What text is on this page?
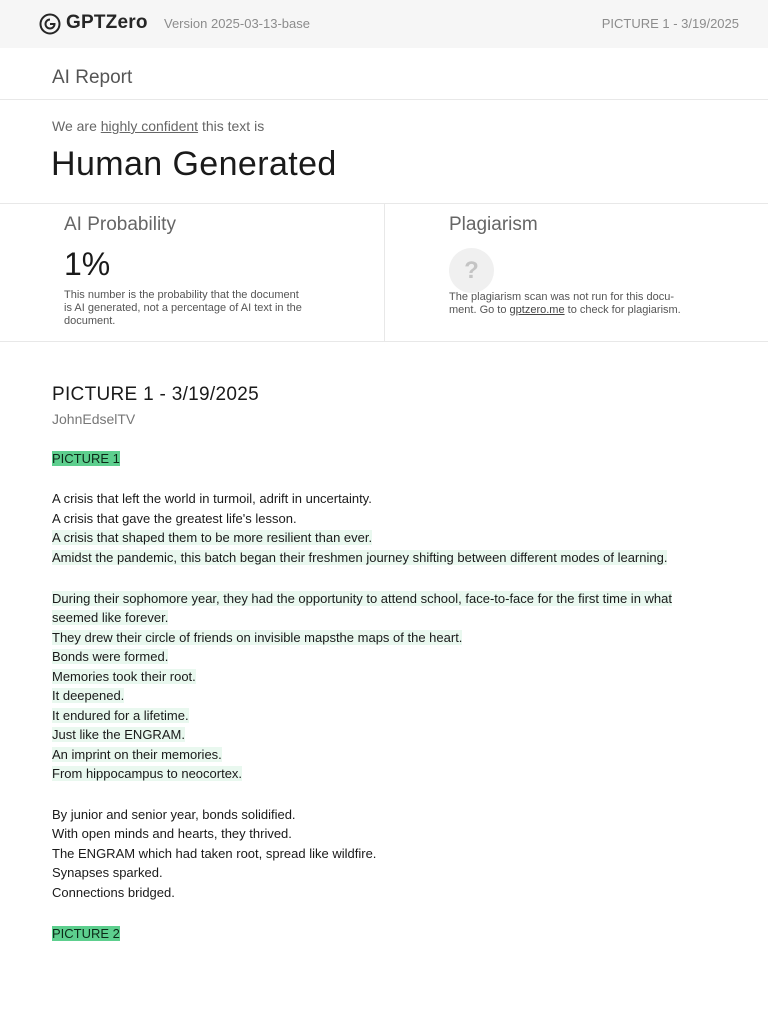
GPTZero Version 2025-03-13-base	PICTURE 1 - 3/19/2025
AI Report
We are highly confident this text is
Human Generated
AI Probability
1%
This number is the probability that the document
is AI generated, not a percentage of AI text in the
document.
Plagiarism
?
The plagiarism scan was not run for this docu-
ment. Go to gptzero.me to check for plagiarism.
PICTURE 1 - 3/19/2025
JohnEdselTV
PICTURE 1
A crisis that left the world in turmoil, adrift in uncertainty.
A crisis that gave the greatest life's lesson.
A crisis that shaped them to be more resilient than ever.
Amidst the pandemic, this batch began their freshmen journey shifting between different modes of learning.
During their sophomore year, they had the opportunity to attend school, face-to-face for the first time in what
seemed like forever.
They drew their circle of friends on invisible mapsthe maps of the heart.
Bonds were formed.
Memories took their root.
It deepened.
It endured for a lifetime.
Just like the ENGRAM.
An imprint on their memories.
From hippocampus to neocortex.
By junior and senior year, bonds solidified.
With open minds and hearts, they thrived.
The ENGRAM which had taken root, spread like wildfire.
Synapses sparked.
Connections bridged.
PICTURE 2
